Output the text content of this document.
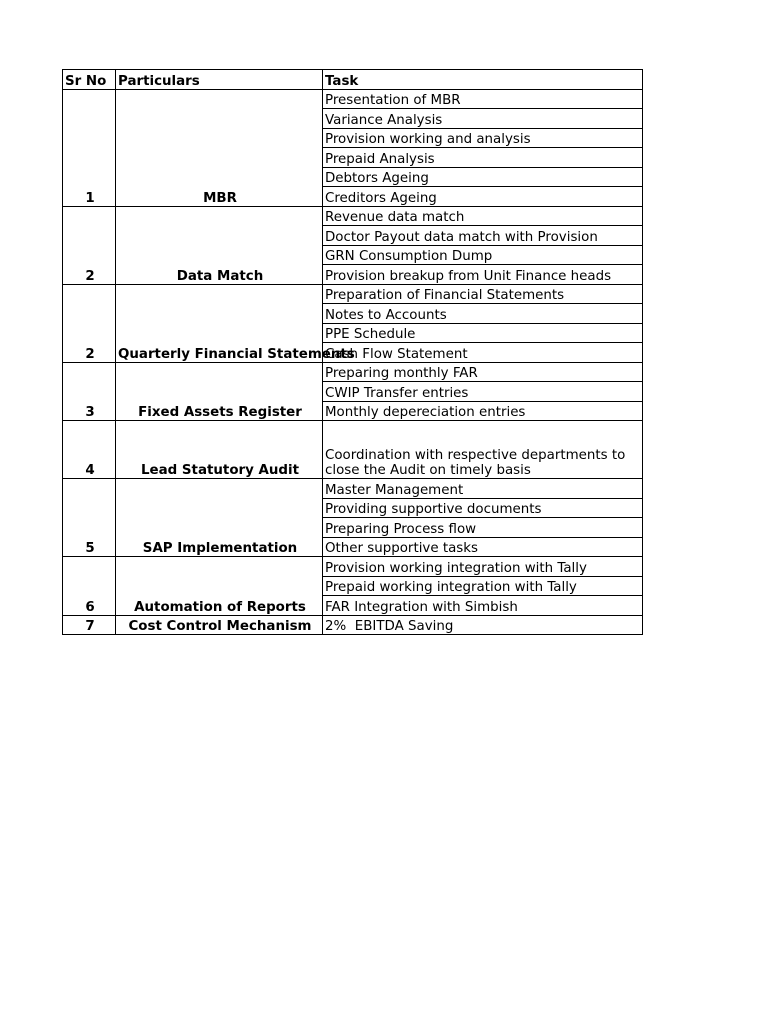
Sr No	Particulars	Task
1	MBR	Presentation of MBR
		Variance Analysis
		Provision working and analysis
		Prepaid Analysis
		Debtors Ageing
		Creditors Ageing
2	Data Match	Revenue data match
		Doctor Payout data match with Provision
		GRN Consumption Dump
		Provision breakup from Unit Finance heads
2	Quarterly Financial Statements	Preparation of Financial Statements
		Notes to Accounts
		PPE Schedule
		Cash Flow Statement
3	Fixed Assets Register	Preparing monthly FAR
		CWIP Transfer entries
		Monthly depereciation entries
4	Lead Statutory Audit	Coordination with respective departments to close the Audit on timely basis
5	SAP Implementation	Master Management
		Providing supportive documents
		Preparing Process flow
		Other supportive tasks
6	Automation of Reports	Provision working integration with Tally
		Prepaid working integration with Tally
		FAR Integration with Simbish
7	Cost Control Mechanism	2%  EBITDA Saving
